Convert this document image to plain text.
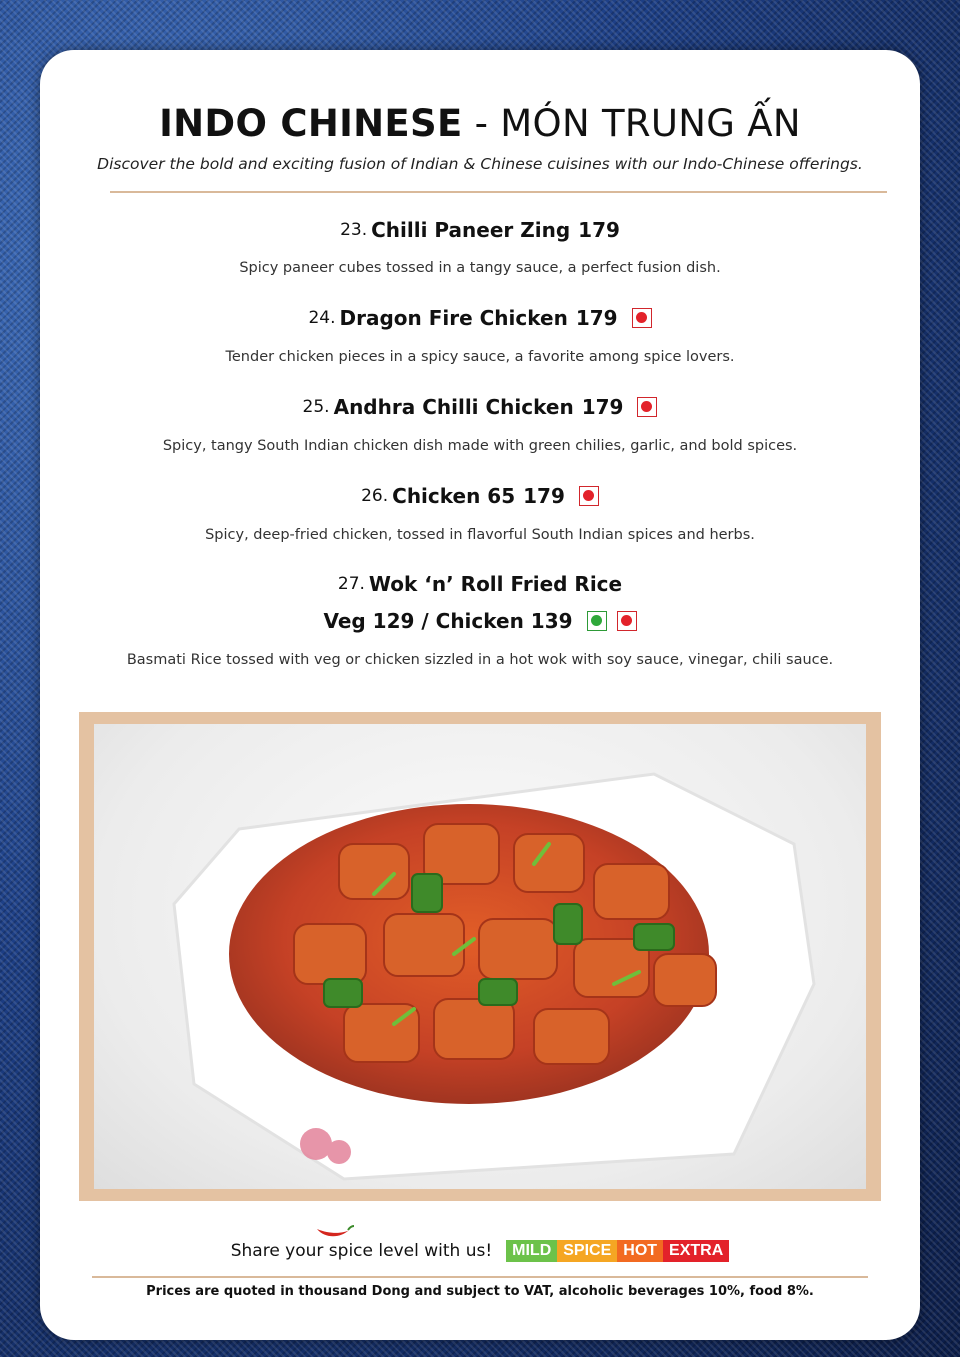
INDO CHINESE - MÓN TRUNG ẤN
Discover the bold and exciting fusion of Indian & Chinese cuisines with our Indo-Chinese offerings.
23. Chilli Paneer Zing 179
Spicy paneer cubes tossed in a tangy sauce, a perfect fusion dish.
24. Dragon Fire Chicken 179
Tender chicken pieces in a spicy sauce, a favorite among spice lovers.
25. Andhra Chilli Chicken 179
Spicy, tangy South Indian chicken dish made with green chilies, garlic, and bold spices.
26. Chicken 65 179
Spicy, deep-fried chicken, tossed in flavorful South Indian spices and herbs.
27. Wok ‘n’ Roll Fried Rice
Veg 129 / Chicken 139
Basmati Rice tossed with veg or chicken sizzled in a hot wok with soy sauce, vinegar, chili sauce.
Share your spice level with us!	MILD SPICE HOT EXTRA
Prices are quoted in thousand Dong and subject to VAT, alcoholic beverages 10%, food 8%.
